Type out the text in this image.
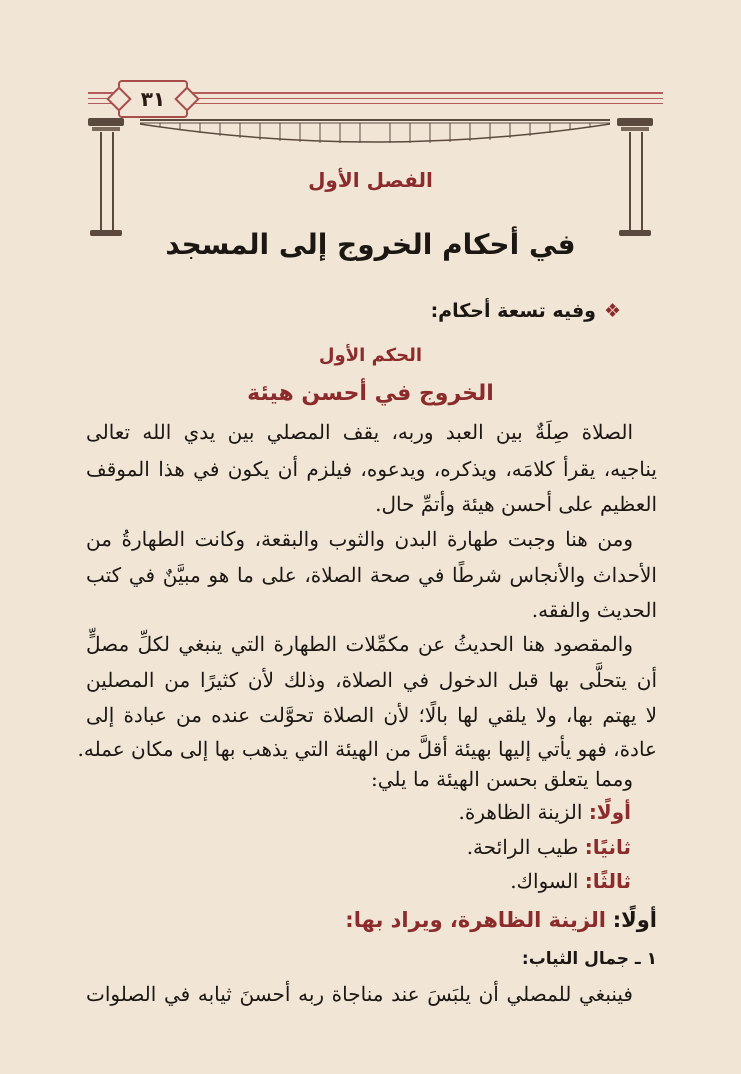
٣١
الفصل الأول
في أحكام الخروج إلى المسجد
❖وفيه تسعة أحكام:
الحكم الأول
الخروج في أحسن هيئة
الصلاة صِلَةٌ بين العبد وربه، يقف المصلي بين يدي الله تعالى
يناجيه، يقرأ كلامَه، ويذكره، ويدعوه، فيلزم أن يكون في هذا الموقف
العظيم على أحسن هيئة وأتمِّ حال.
ومن هنا وجبت طهارة البدن والثوب والبقعة، وكانت الطهارةُ من
الأحداث والأنجاس شرطًا في صحة الصلاة، على ما هو مبيَّنٌ في كتب
الحديث والفقه.
والمقصود هنا الحديثُ عن مكمِّلات الطهارة التي ينبغي لكلِّ مصلٍّ
أن يتحلَّى بها قبل الدخول في الصلاة، وذلك لأن كثيرًا من المصلين
لا يهتم بها، ولا يلقي لها بالًا؛ لأن الصلاة تحوَّلت عنده من عبادة إلى
عادة، فهو يأتي إليها بهيئة أقلَّ من الهيئة التي يذهب بها إلى مكان عمله.
ومما يتعلق بحسن الهيئة ما يلي:
أولًا: الزينة الظاهرة.
ثانيًا: طيب الرائحة.
ثالثًا: السواك.
أولًا: الزينة الظاهرة، ويراد بها:
١ ـ جمال الثياب:
فينبغي للمصلي أن يلبَسَ عند مناجاة ربه أحسنَ ثيابه في الصلوات
